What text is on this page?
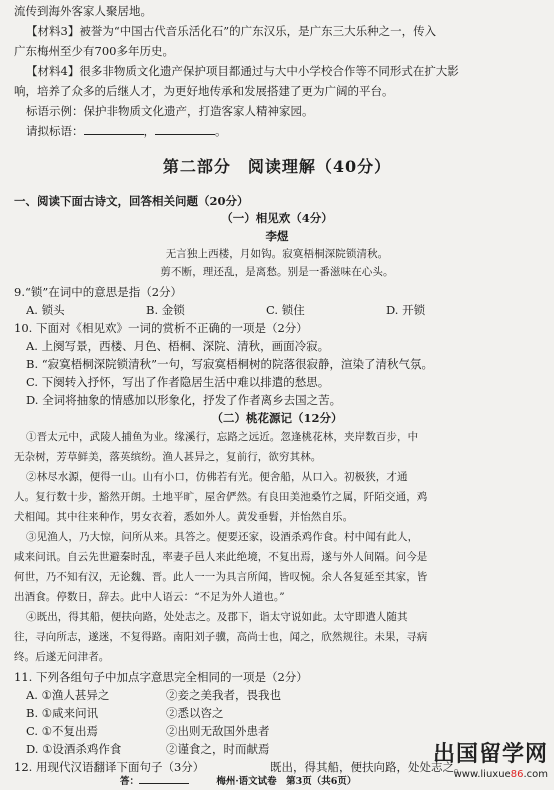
流传到海外客家人聚居地。
【材料3】被誉为“中国古代音乐活化石”的广东汉乐，是广东三大乐种之一，传入
广东梅州至少有700多年历史。
【材料4】很多非物质文化遗产保护项目都通过与大中小学校合作等不同形式在扩大影
响，培养了众多的后继人才，为更好地传承和发展搭建了更为广阔的平台。
标语示例：保护非物质文化遗产，打造客家人精神家园。
请拟标语：	，	。
第二部分　阅读理解（40分）
一、阅读下面古诗文，回答相关问题（20分）
（一）相见欢（4分）
李煜
无言独上西楼，月如钩。寂寞梧桐深院锁清秋。
剪不断，理还乱，是离愁。别是一番滋味在心头。
9.“锁”在词中的意思是指（2分）
A. 锁头	B. 金锁	C. 锁住	D. 开锁
10. 下面对《相见欢》一词的赏析不正确的一项是（2分）
A. 上阕写景，西楼、月色、梧桐、深院、清秋，画面冷寂。
B. “寂寞梧桐深院锁清秋”一句，写寂寞梧桐树的院落很寂静，渲染了清秋气氛。
C. 下阕转入抒怀，写出了作者隐居生活中难以排遣的愁思。
D. 全词将抽象的情感加以形象化，抒发了作者离乡去国之苦。
（二）桃花源记（12分）
①晋太元中，武陵人捕鱼为业。缘溪行，忘路之远近。忽逢桃花林，夹岸数百步，中
无杂树，芳草鲜美，落英缤纷。渔人甚异之，复前行，欲穷其林。
②林尽水源，便得一山。山有小口，仿佛若有光。便舍船，从口入。初极狭，才通
人。复行数十步，豁然开朗。土地平旷，屋舍俨然。有良田美池桑竹之属，阡陌交通，鸡
犬相闻。其中往来种作，男女衣着，悉如外人。黄发垂髫，并怡然自乐。
③见渔人，乃大惊，问所从来。具答之。便要还家，设酒杀鸡作食。村中闻有此人，
咸来问讯。自云先世避秦时乱，率妻子邑人来此绝境，不复出焉，遂与外人间隔。问今是
何世，乃不知有汉，无论魏、晋。此人一一为具言所闻，皆叹惋。余人各复延至其家，皆
出酒食。停数日，辞去。此中人语云：“不足为外人道也。”
④既出，得其船，便扶向路，处处志之。及郡下，诣太守说如此。太守即遣人随其
往，寻向所志，遂迷，不复得路。南阳刘子骥，高尚士也，闻之，欣然规往。未果，寻病
终。后遂无问津者。
11. 下列各组句子中加点字意思完全相同的一项是（2分）
A. ①渔人甚异之	②妾之美我者，畏我也
B. ①咸来问讯	②悉以咨之
C. ①不复出焉	②出则无敌国外患者
D. ①设酒杀鸡作食	②谨食之，时而献焉
12. 用现代汉语翻译下面句子（3分）	既出，得其船，便扶向路，处处志之。
答：	梅州·语文试卷　第3页（共6页）
出国留学网
www.liuxue86.com
